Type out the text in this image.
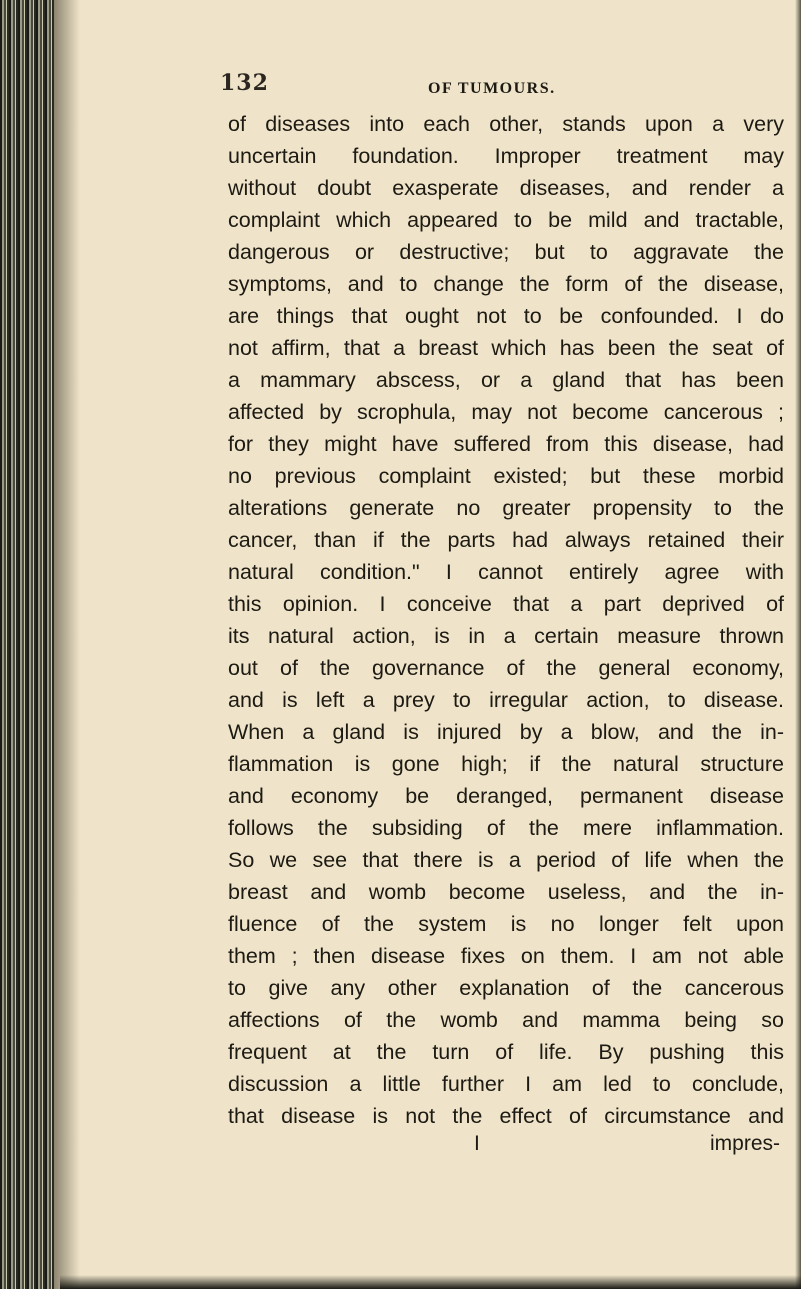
132	OF TUMOURS.
of diseases into each other, stands upon a very
uncertain foundation. Improper treatment may
without doubt exasperate diseases, and render a
complaint which appeared to be mild and tractable,
dangerous or destructive; but to aggravate the
symptoms, and to change the form of the disease,
are things that ought not to be confounded. I do
not affirm, that a breast which has been the seat of
a mammary abscess, or a gland that has been
affected by scrophula, may not become cancerous ;
for they might have suffered from this disease, had
no previous complaint existed; but these morbid
alterations generate no greater propensity to the
cancer, than if the parts had always retained their
natural condition." I cannot entirely agree with
this opinion. I conceive that a part deprived of
its natural action, is in a certain measure thrown
out of the governance of the general economy,
and is left a prey to irregular action, to disease.
When a gland is injured by a blow, and the in-
flammation is gone high; if the natural structure
and economy be deranged, permanent disease
follows the subsiding of the mere inflammation.
So we see that there is a period of life when the
breast and womb become useless, and the in-
fluence of the system is no longer felt upon
them ; then disease fixes on them. I am not able
to give any other explanation of the cancerous
affections of the womb and mamma being so
frequent at the turn of life. By pushing this
discussion a little further I am led to conclude,
that disease is not the effect of circumstance and
I	impres-
